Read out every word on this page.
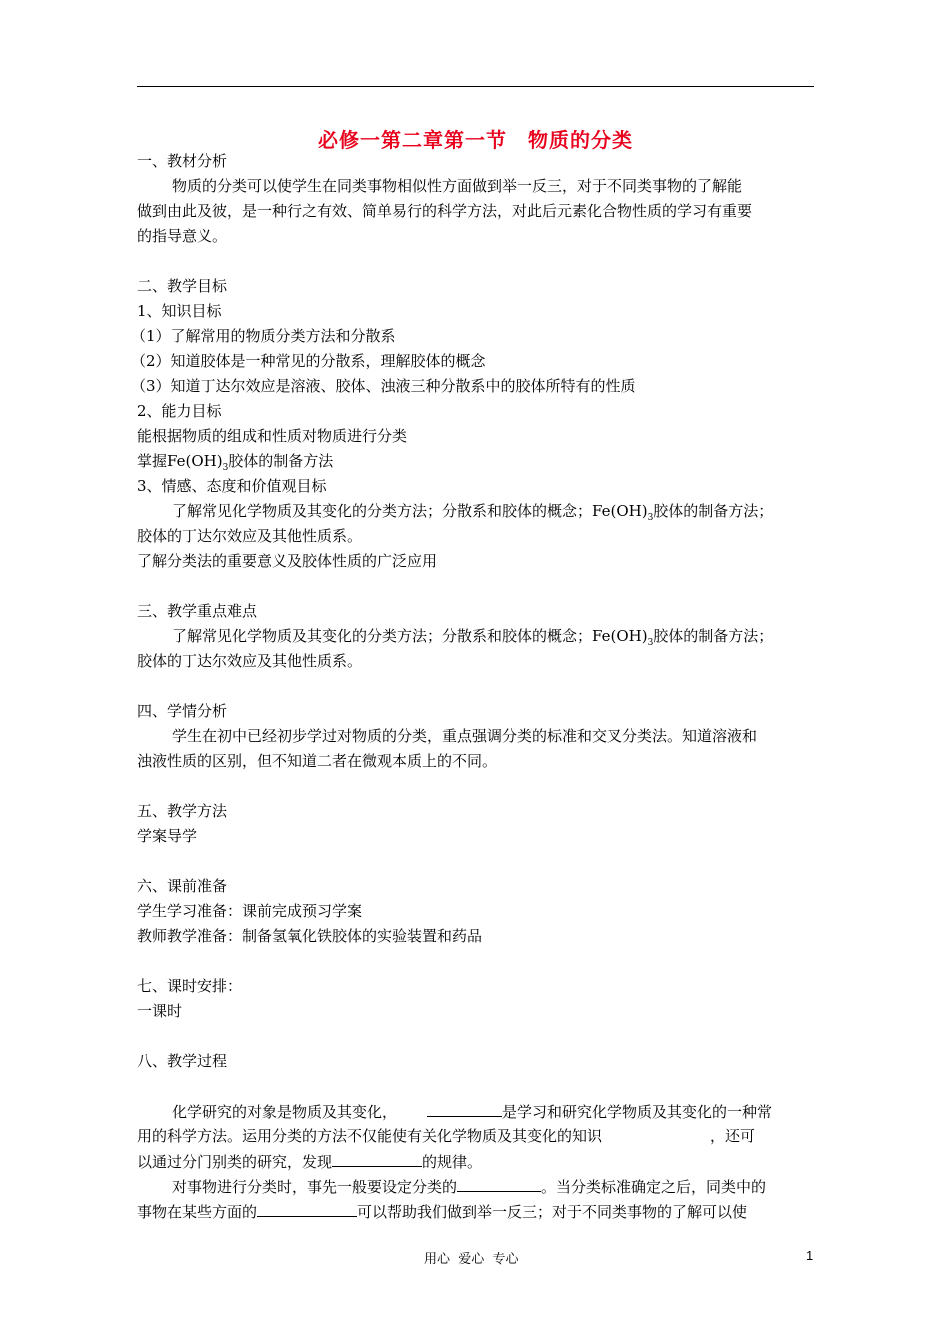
必修一第二章第一节　物质的分类
一、教材分析
物质的分类可以使学生在同类事物相似性方面做到举一反三，对于不同类事物的了解能
做到由此及彼，是一种行之有效、简单易行的科学方法，对此后元素化合物性质的学习有重要
的指导意义。
二、教学目标
1、知识目标
（1）了解常用的物质分类方法和分散系
（2）知道胶体是一种常见的分散系，理解胶体的概念
（3）知道丁达尔效应是溶液、胶体、浊液三种分散系中的胶体所特有的性质
2、能力目标
能根据物质的组成和性质对物质进行分类
掌握$Fe(OH)_3$胶体的制备方法
3、情感、态度和价值观目标
了解常见化学物质及其变化的分类方法；分散系和胶体的概念；$Fe(OH)_3$胶体的制备方法；
胶体的丁达尔效应及其他性质系。
了解分类法的重要意义及胶体性质的广泛应用
三、教学重点难点
了解常见化学物质及其变化的分类方法；分散系和胶体的概念；$Fe(OH)_3$胶体的制备方法；
胶体的丁达尔效应及其他性质系。
四、学情分析
学生在初中已经初步学过对物质的分类，重点强调分类的标准和交叉分类法。知道溶液和
浊液性质的区别，但不知道二者在微观本质上的不同。
五、教学方法
学案导学
六、课前准备
学生学习准备：课前完成预习学案
教师教学准备：制备氢氧化铁胶体的实验装置和药品
七、课时安排：
一课时
八、教学过程
化学研究的对象是物质及其变化，	是学习和研究化学物质及其变化的一种常
用的科学方法。运用分类的方法不仅能使有关化学物质及其变化的知识	，还可
以通过分门别类的研究，发现	的规律。
对事物进行分类时，事先一般要设定分类的	。当分类标准确定之后，同类中的
事物在某些方面的	可以帮助我们做到举一反三；对于不同类事物的了解可以使
用心  爱心  专心	1
